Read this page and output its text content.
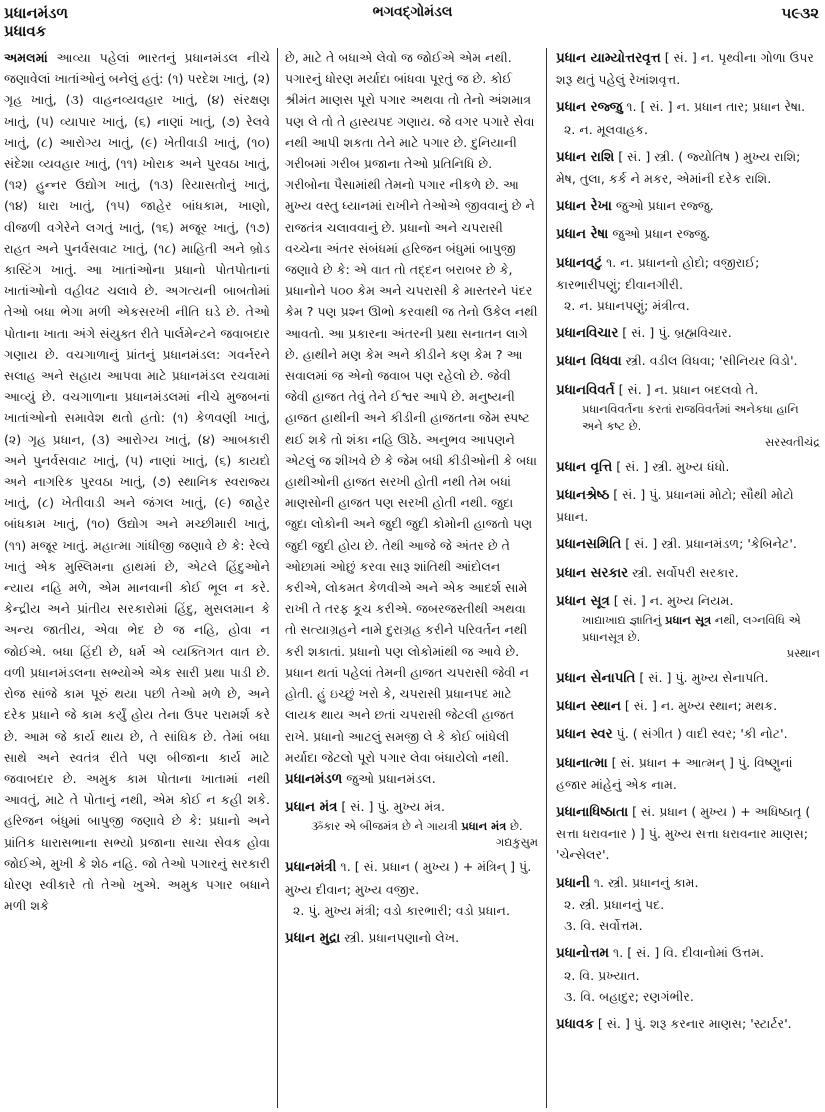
પ્રધાનમંડળ
પ્રધાવક
ભગવદ્ગોમંડલ	૫૯૩૨

અમલમાં આવ્યા પહેલાં ભારતનું પ્રધાનમંડલ નીચે જણાવેલાં ખાતાંઓનું બનેલું હતું: (૧) પરદેશ ખાતું, (૨) ગૃહ ખાતું, (૩) વાહનવ્યવહાર ખાતું, (૪) સંરક્ષણ ખાતું, (૫) વ્યાપાર ખાતું, (૬) નાણાં ખાતું, (૭) રેલવે ખાતું, (૮) આરોગ્ય ખાતું, (૯) ખેતીવાડી ખાતું, (૧૦) સંદેશા વ્યવહાર ખાતું, (૧૧) ખોરાક અને પુરવઠા ખાતું, (૧૨) હુન્નર ઉદ્યોગ ખાતું, (૧૩) રિયાસતોનું ખાતું, (૧૪) ધારા ખાતું, (૧૫) જાહેર બાંધકામ, ખાણો, વીજળી વગેરેને લગતું ખાતું, (૧૬) મજૂર ખાતું, (૧૭) રાહત અને પુનર્વસવાટ ખાતું, (૧૮) માહિતી અને બ્રોડ કાસ્ટિંગ ખાતું. આ ખાતાંઓના પ્રધાનો પોતપોતાનાં ખાતાંઓનો વહીવટ ચલાવે છે. અગત્યની બાબતોમાં તેઓ બધા ભેગા મળી એકસરખી નીતિ ઘડે છે. તેઓ પોતાના ખાતા અંગે સંયુક્ત રીતે પાર્લમેન્ટને જવાબદાર ગણાય છે. વચગાળાનું પ્રાંતનું પ્રધાનમંડલ: ગવર્નરને સલાહ અને સહાય આપવા માટે પ્રધાનમંડલ રચવામાં આવ્યું છે. વચગાળાના પ્રધાનમંડલમાં નીચે મુજબનાં ખાતાંઓનો સમાવેશ થતો હતો: (૧) કેળવણી ખાતું, (૨) ગૃહ પ્રધાન, (૩) આરોગ્ય ખાતું, (૪) આબકારી અને પુનર્વસવાટ ખાતું, (૫) નાણાં ખાતું, (૬) કાયદો અને નાગરિક પુરવઠા ખાતું, (૭) સ્થાનિક સ્વરાજ્ય ખાતું, (૮) ખેતીવાડી અને જંગલ ખાતું, (૯) જાહેર બાંધકામ ખાતું, (૧૦) ઉદ્યોગ અને મચ્છીમારી ખાતું, (૧૧) મજૂર ખાતું. મહાત્મા ગાંધીજી જણાવે છે કે: રેલ્વે ખાતું એક મુસ્લિમના હાથમાં છે, એટલે હિંદુઓને ન્યાય નહિ મળે, એમ માનવાની કોઈ ભૂલ ન કરે. કેન્દ્રીય અને પ્રાંતીય સરકારોમાં હિંદુ, મુસલમાન કે અન્ય જાતીય, એવા ભેદ છે જ નહિ, હોવા ન જોઈએ. બધા હિંદી છે, ધર્મ એ વ્યક્તિગત વાત છે. વળી પ્રધાનમંડલના સભ્યોએ એક સારી પ્રથા પાડી છે. રોજ સાંજે કામ પૂરું થયા પછી તેઓ મળે છે, અને દરેક પ્રધાને જે કામ કર્યું હોય તેના ઉપર પરામર્શ કરે છે. આમ જે કાર્ય થાય છે, તે સાંઘિક છે. તેમાં બધા સાથે અને સ્વતંત્ર રીતે પણ બીજાના કાર્ય માટે જવાબદાર છે. અમુક કામ પોતાના ખાતામાં નથી આવતું, માટે તે પોતાનું નથી, એમ કોઈ ન કહી શકે. હરિજન બંધુમાં બાપુજી જણાવે છે કે: પ્રધાનો અને પ્રાંતિક ધારાસભાના સભ્યો પ્રજાના સાચા સેવક હોવા જોઈએ, મુખી કે શેઠ નહિ. જો તેઓ પગારનું સરકારી ધોરણ સ્વીકારે તો તેઓ ખુએ. અમુક પગાર બધાને મળી શકે

છે, માટે તે બધાએ લેવો જ જોઈએ એમ નથી. પગારનું ધોરણ મર્યાદા બાંધવા પૂરતું જ છે. કોઈ શ્રીમંત માણસ પૂરો પગાર અથવા તો તેનો અંશમાત્ર પણ લે તો તે હાસ્યપદ ગણાય. જે વગર પગારે સેવા નથી આપી શકતા તેને માટે પગાર છે. દુનિયાની ગરીબમાં ગરીબ પ્રજાના તેઓ પ્રતિનિધિ છે. ગરીબોના પૈસામાંથી તેમનો પગાર નીકળે છે. આ મુખ્ય વસ્તુ ધ્યાનમાં રાખીને તેઓએ જીવવાનું છે ને રાજતંત્ર ચલાવવાનું છે. પ્રધાનો અને ચપરાસી વચ્ચેના અંતર સંબંધમાં હરિજન બંધુમાં બાપુજી જણાવે છે કે: એ વાત તો તદ્દન બરાબર છે કે, પ્રધાનોને ૫૦૦ કેમ અને ચપરાસી કે માસ્તરને પંદર કેમ ? પણ પ્રશ્ન ઊભો કરવાથી જ તેનો ઉકેલ નથી આવતો. આ પ્રકારના અંતરની પ્રથા સનાતન લાગે છે. હાથીને મણ કેમ અને કીડીને કણ કેમ ? આ સવાલમાં જ એનો જવાબ પણ રહેલો છે. જેવી જેવી હાજત તેવું તેને ઈશ્વર આપે છે. મનુષ્યની હાજત હાથીની અને કીડીની હાજતના જેમ સ્પષ્ટ થઈ શકે તો શંકા નહિ ઊઠે. અનુભવ આપણને એટલું જ શીખવે છે કે જેમ બધી કીડીઓની કે બધા હાથીઓની હાજત સરખી હોતી નથી તેમ બધાં માણસોની હાજત પણ સરખી હોતી નથી. જુદા જુદા લોકોની અને જુદી જુદી કોમોની હાજતો પણ જુદી જુદી હોય છે. તેથી આજે જે અંતર છે તે ઓછામાં ઓછું કરવા સારૂ શાંતિથી આંદોલન કરીએ, લોકમત કેળવીએ અને એક આદર્શ સામે રાખી તે તરફ કૂચ કરીએ. જબરજસ્તીથી અથવા તો સત્યાગ્રહને નામે દુરાગ્રહ કરીને પરિવર્તન નથી કરી શકાતાં. પ્રધાનો પણ લોકોમાંથી જ આવે છે. પ્રધાન થતાં પહેલાં તેમની હાજત ચપરાસી જેવી ન હોતી. હું ઇચ્છું ખરો કે, ચપરાસી પ્રધાનપદ માટે લાયક થાય અને છતાં ચપરાસી જેટલી હાજત રાખે. પ્રધાનો આટલું સમજી લે કે કોઈ બાંધેલી મર્યાદા જેટલો પૂરો પગાર લેવા બંધાયેલો નથી.

પ્રધાનમંડળ જુઓ પ્રધાનમંડલ.
પ્રધાન મંત્ર [ સં. ] પું. મુખ્ય મંત્ર.
ૐકાર એ બીજમંત્ર છે ને ગાયત્રી પ્રધાન મંત્ર છે.
ગદ્યકુસુમ
પ્રધાનમંત્રી ૧. [ સં. પ્રધાન ( મુખ્ય ) + મંત્રિન્ ] પું. મુખ્ય દીવાન; મુખ્ય વજીર.
૨. પું. મુખ્ય મંત્રી; વડો કારભારી; વડો પ્રધાન.
પ્રધાન મુદ્રા સ્ત્રી. પ્રધાનપણાનો લેખ.
પ્રધાન યામ્યોત્તરવૃત્ત [ સં. ] ન. પૃથ્વીના ગોળા ઉપર શરૂ થતું પહેલું રેખાંશવૃત્ત.
પ્રધાન રજ્જુ ૧. [ સં. ] ન. પ્રધાન તાર; પ્રધાન રેષા.
૨. ન. મૂલવાહક.
પ્રધાન રાશિ [ સં. ] સ્ત્રી. ( જ્યોતિષ ) મુખ્ય રાશિ; મેષ, તુલા, કર્ક ને મકર, એમાંની દરેક રાશિ.
પ્રધાન રેખા જુઓ પ્રધાન રજ્જુ.
પ્રધાન રેષા જુઓ પ્રધાન રજ્જુ.
પ્રધાનવટું ૧. ન. પ્રધાનનો હોદો; વજીરાઈ; કારભારીપણું; દીવાનગીરી.
૨. ન. પ્રધાનપણું; મંત્રીત્વ.
પ્રધાનવિચાર [ સં. ] પું. બ્રહ્મવિચાર.
પ્રધાન વિધવા સ્ત્રી. વડીલ વિધવા; 'સીનિયર વિડો'.
પ્રધાનવિવર્ત [ સં. ] ન. પ્રધાન બદલવો તે.
પ્રધાનવિવર્તના કરતાં રાજવિવર્તમાં અનેકધા હાનિ અને કષ્ટ છે.
સરસ્વતીચંદ્ર
પ્રધાન વૃત્તિ [ સં. ] સ્ત્રી. મુખ્ય ધંધો.
પ્રધાનશ્રેષ્ઠ [ સં. ] પું. પ્રધાનમાં મોટો; સૌથી મોટો પ્રધાન.
પ્રધાનસમિતિ [ સં. ] સ્ત્રી. પ્રધાનમંડળ; 'કેબિનેટ'.
પ્રધાન સરકાર સ્ત્રી. સર્વોપરી સરકાર.
પ્રધાન સૂત્ર [ સં. ] ન. મુખ્ય નિયમ.
ખાદ્યાખાદ્ય જ્ઞાતિનું પ્રધાન સૂત્ર નથી, લગ્નવિધિ એ પ્રધાનસૂત્ર છે.
પ્રસ્થાન
પ્રધાન સેનાપતિ [ સં. ] પું. મુખ્ય સેનાપતિ.
પ્રધાન સ્થાન [ સં. ] ન. મુખ્ય સ્થાન; મથક.
પ્રધાન સ્વર પું. ( સંગીત ) વાદી સ્વર; 'કી નોટ'.
પ્રધાનાત્મા [ સં. પ્રધાન + આત્મન્ ] પું. વિષ્ણુનાં હજાર માંહેનું એક નામ.
પ્રધાનાધિષ્ઠાતા [ સં. પ્રધાન ( મુખ્ય ) + અધિષ્ઠાતૃ ( સત્તા ધરાવનાર ) ] પું. મુખ્ય સત્તા ધરાવનાર માણસ; 'ચેન્સેલર'.
પ્રધાની ૧. સ્ત્રી. પ્રધાનનું કામ.
૨. સ્ત્રી. પ્રધાનનું પદ.
૩. વિ. સર્વોત્તમ.
પ્રધાનોત્તમ ૧. [ સં. ] વિ. દીવાનોમાં ઉત્તમ.
૨. વિ. પ્રખ્યાત.
૩. વિ. બહાદુર; રણગંભીર.
પ્રધાવક [ સં. ] પું. શરૂ કરનાર માણસ; 'સ્ટાર્ટર'.
